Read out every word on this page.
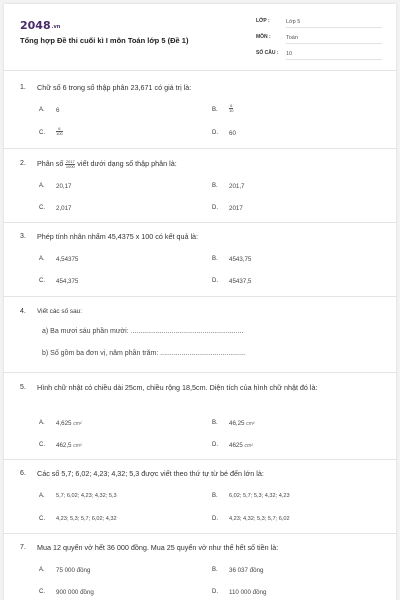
2048.vn
Tổng hợp Đề thi cuối kì I môn Toán lớp 5 (Đề 1)
LỚP :	Lớp 5
MÔN :	Toán
SỐ CÂU : 10
1. Chữ số 6 trong số thập phân 23,671 có giá trị là:
A. 6	B.	$\frac{6}{10}$
C.	$\frac{6}{100}$	D. 60
2. Phân số $\frac{2017}{1000}$ viết dưới dạng số thập phân là:
A. 20,17	B. 201,7
C. 2,017	D. 2017
3. Phép tính nhân nhẩm 45,4375 x 100 có kết quả là:
A. 4,54375	B. 4543,75
C. 454,375	D. 45437,5
4. Viết các số sau:
a) Ba mươi sáu phần mười: ..........................................................
b) Số gồm ba đơn vị, năm phần trăm: ............................................
5. Hình chữ nhật có chiều dài 25cm, chiều rộng 18,5cm. Diện tích của hình chữ nhật đó là:
A. 4,625 cm²	B. 46,25 cm²
C. 462,5 cm²	D. 4625 cm²
6. Các số 5,7; 6,02; 4,23; 4,32; 5,3 được viết theo thứ tự từ bé đến lớn là:
A. 5,7; 6,02; 4,23; 4,32; 5,3	B. 6,02; 5,7; 5,3; 4,32; 4,23
C. 4,23; 5,3; 5,7; 6,02; 4,32	D. 4,23; 4,32; 5,3; 5,7; 6,02
7. Mua 12 quyển vở hết 36 000 đồng. Mua 25 quyển vở như thế hết số tiền là:
A. 75 000 đồng	B. 36 037 đồng
C. 900 000 đồng	D. 110 000 đồng
